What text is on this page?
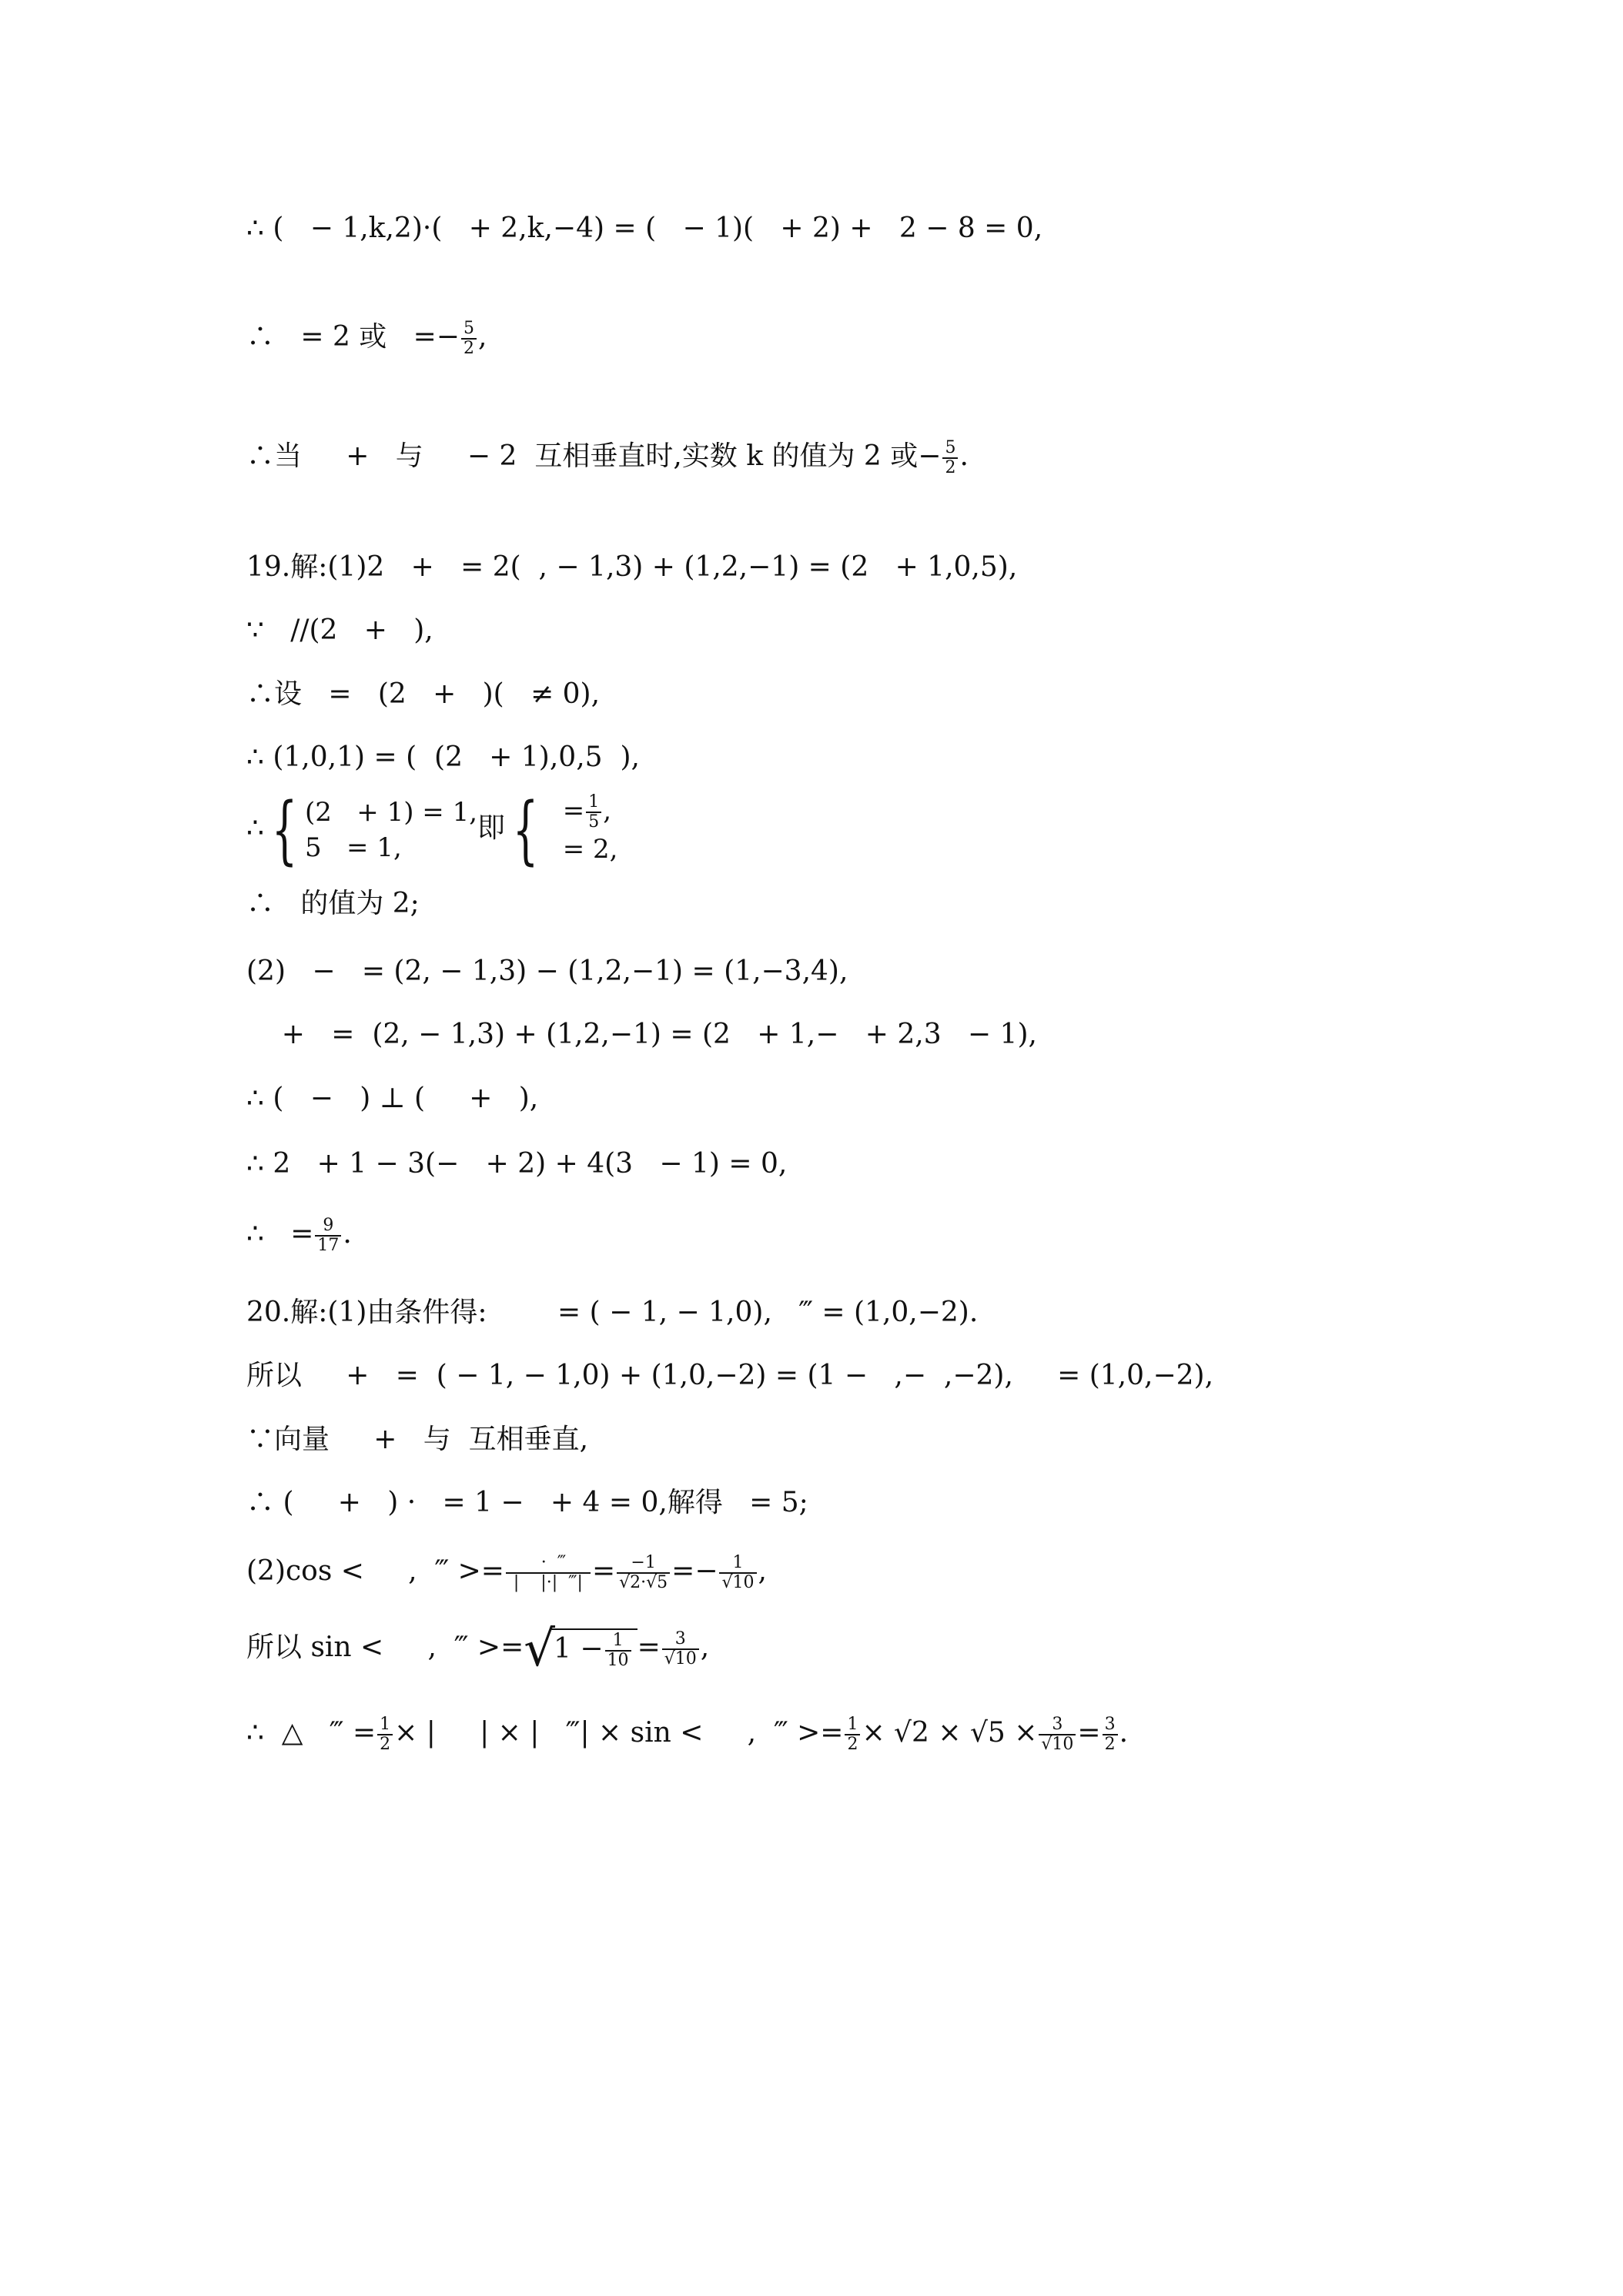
∴ (   − 1,k,2)·(   + 2,k,−4) = (   − 1)(   + 2) +   2 − 8 = 0,
∴   = 2 或   =− $\frac{5}{2}$ ,
∴当     +   与     − 2  互相垂直时,实数 k 的值为 2 或− $\frac{5}{2}$ .
19.解:(1)2   +   = 2(  , − 1,3) + (1,2,−1) = (2   + 1,0,5),
∵   //(2   +   ),
∴设   =   (2   +   )(   ≠ 0),
∴ (1,0,1) = (  (2   + 1),0,5  ),
∴ { (2   + 1) = 1,
5   = 1,
即 { = $\frac{1}{5}$ ,
= 2,
∴   的值为 2;
(2)   −   = (2, − 1,3) − (1,2,−1) = (1,−3,4),
+   =  (2, − 1,3) + (1,2,−1) = (2   + 1,−   + 2,3   − 1),
∴ (   −   ) ⊥ (     +   ),
∴ 2   + 1 − 3(−   + 2) + 4(3   − 1) = 0,
∴   = $\frac{9}{17}$ .
20.解:(1)由条件得:        = ( − 1, − 1,0),   ‴ = (1,0,−2).
所以     +   =  ( − 1, − 1,0) + (1,0,−2) = (1 −   ,−  ,−2),     = (1,0,−2),
∵向量     +   与  互相垂直,
∴ (     +   ) ·   = 1 −   + 4 = 0,解得   = 5;
(2)cos <     ,  ‴ >= $\frac{\cdot ‴}{| |\cdot| ‴|} = \frac{-1}{√2\cdot√5} =- \frac{1}{√10}$ ,
所以 sin <     ,  ‴ $>=√1 - \frac{1}{10} = \frac{3}{√10}$ ,
∴  △   ‴ = $\frac{1}{2}$ × |     | × |   ‴| × sin <     ,  ‴ >= $\frac{1}{2} \times √2 \times √5 \times \frac{3}{√10} = \frac{3}{2}$ .
